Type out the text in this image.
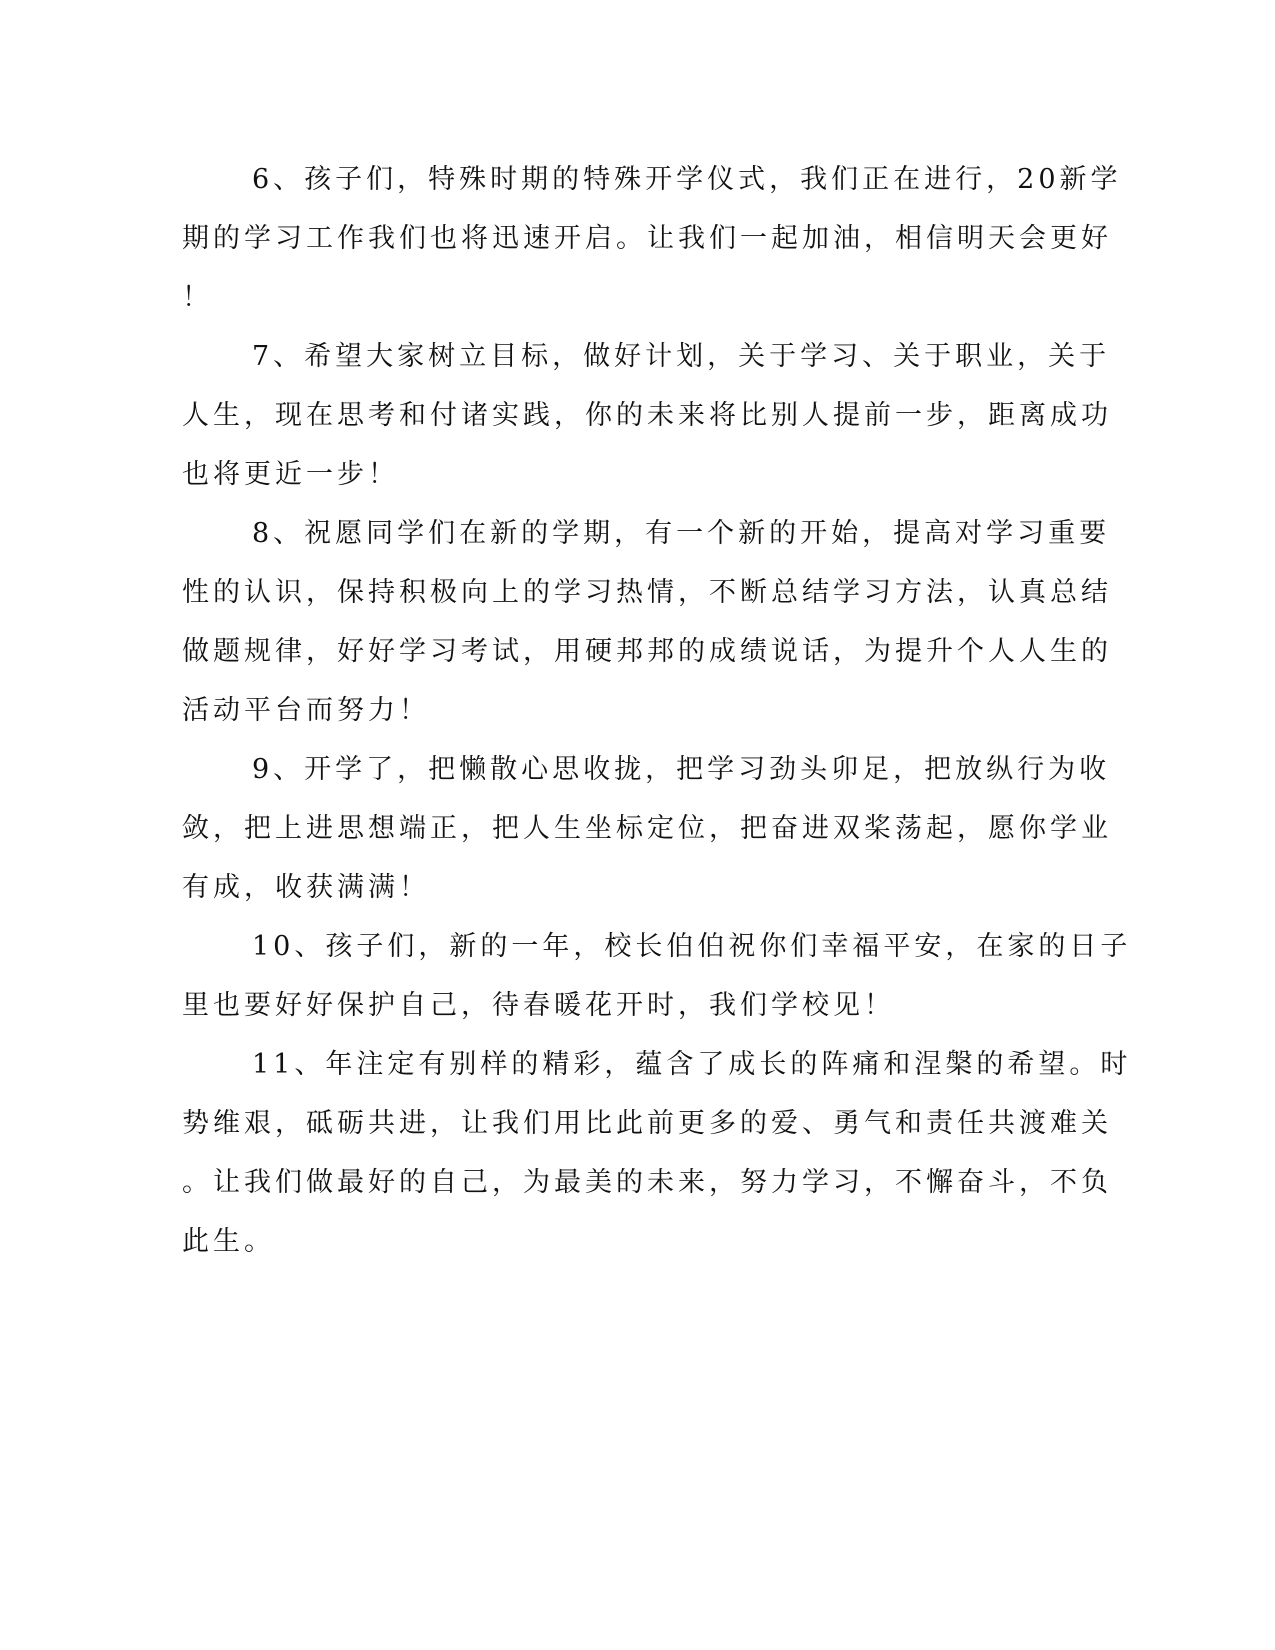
6、孩子们，特殊时期的特殊开学仪式，我们正在进行，20新学

期的学习工作我们也将迅速开启。让我们一起加油，相信明天会更好

！

7、希望大家树立目标，做好计划，关于学习、关于职业，关于

人生，现在思考和付诸实践，你的未来将比别人提前一步，距离成功

也将更近一步！

8、祝愿同学们在新的学期，有一个新的开始，提高对学习重要

性的认识，保持积极向上的学习热情，不断总结学习方法，认真总结

做题规律，好好学习考试，用硬邦邦的成绩说话，为提升个人人生的

活动平台而努力！

9、开学了，把懒散心思收拢，把学习劲头卯足，把放纵行为收

敛，把上进思想端正，把人生坐标定位，把奋进双桨荡起，愿你学业

有成，收获满满！

10、孩子们，新的一年，校长伯伯祝你们幸福平安，在家的日子

里也要好好保护自己，待春暖花开时，我们学校见！

11、年注定有别样的精彩，蕴含了成长的阵痛和涅槃的希望。时

势维艰，砥砺共进，让我们用比此前更多的爱、勇气和责任共渡难关

。让我们做最好的自己，为最美的未来，努力学习，不懈奋斗，不负

此生。
